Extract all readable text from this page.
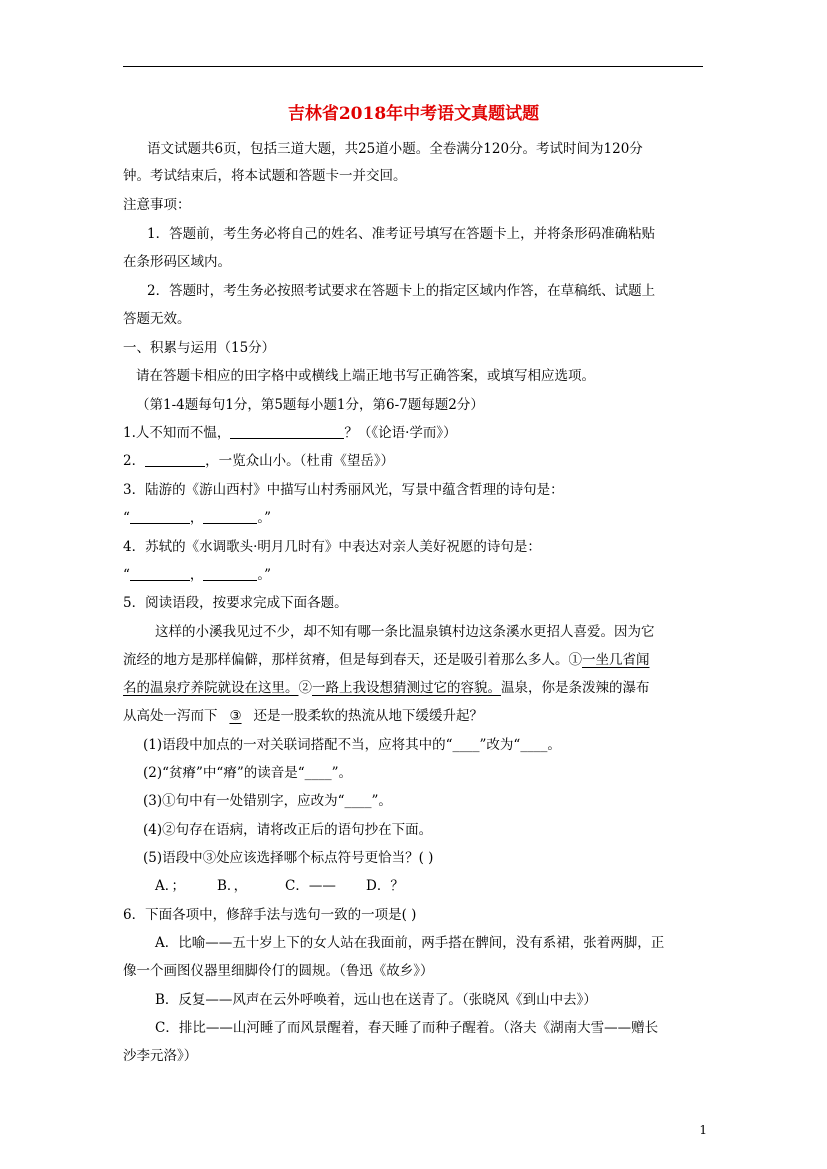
吉林省2018年中考语文真题试题
语文试题共6页，包括三道大题，共25道小题。全卷满分120分。考试时间为120分
钟。考试结束后，将本试题和答题卡一并交回。
注意事项：
1．答题前，考生务必将自己的姓名、准考证号填写在答题卡上，并将条形码准确粘贴
在条形码区域内。
2．答题时，考生务必按照考试要求在答题卡上的指定区域内作答，在草稿纸、试题上
答题无效。
一、积累与运用（15分）
请在答题卡相应的田字格中或横线上端正地书写正确答案，或填写相应选项。
（第1-4题每句1分，第5题每小题1分，第6-7题每题2分）
1.人不知而不愠，	？（《论语·学而》）
2．	，一览众山小。（杜甫《望岳》）
3．陆游的《游山西村》中描写山村秀丽风光，写景中蕴含哲理的诗句是：
“	，	。”
4．苏轼的《水调歌头·明月几时有》中表达对亲人美好祝愿的诗句是：
“	，	。”
5．阅读语段，按要求完成下面各题。
这样的小溪我见过不少，却不知有哪一条比温泉镇村边这条溪水更招人喜爱。因为它
流经的地方是那样偏僻，那样贫瘠，但是每到春天，还是吸引着那么多人。①一坐几省闻
名的温泉疗养院就设在这里。②一路上我设想猜测过它的容貌。温泉，你是条泼辣的瀑布
从高处一泻而下 ③ 还是一股柔软的热流从地下缓缓升起？
(1)语段中加点的一对关联词搭配不当，应将其中的“____”改为“____。
(2)“贫瘠”中“瘠”的读音是“____”。
(3)①句中有一处错别字，应改为“____”。
(4)②句存在语病，请将改正后的语句抄在下面。
(5)语段中③处应该选择哪个标点符号更恰当？( )
A．； B．，	C．—— D．？
6．下面各项中，修辞手法与选句一致的一项是( )
A．比喻——五十岁上下的女人站在我面前，两手搭在髀间，没有系裙，张着两脚，正
像一个画图仪器里细脚伶仃的圆规。（鲁迅《故乡》）
B．反复——风声在云外呼唤着，远山也在送青了。（张晓风《到山中去》）
C．排比——山河睡了而风景醒着，春天睡了而种子醒着。（洛夫《湖南大雪——赠长
沙李元洛》）
1
